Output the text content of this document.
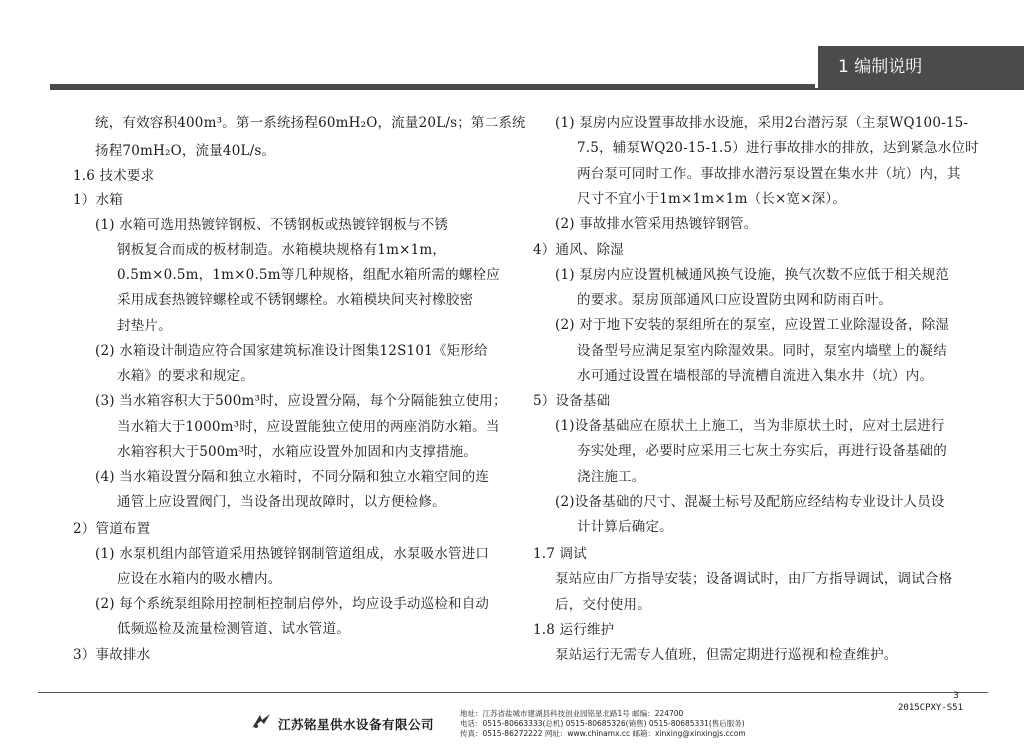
1 编制说明
统，有效容积400m³。第一系统扬程60mH₂O，流量20L/s；第二系统
扬程70mH₂O，流量40L/s。
1.6 技术要求
1）水箱
(1) 水箱可选用热镀锌钢板、不锈钢板或热镀锌钢板与不锈
钢板复合而成的板材制造。水箱模块规格有1m×1m，
0.5m×0.5m，1m×0.5m等几种规格，组配水箱所需的螺栓应
采用成套热镀锌螺栓或不锈钢螺栓。水箱模块间夹衬橡胶密
封垫片。
(2) 水箱设计制造应符合国家建筑标准设计图集12S101《矩形给
水箱》的要求和规定。
(3) 当水箱容积大于500m³时，应设置分隔，每个分隔能独立使用；
当水箱大于1000m³时，应设置能独立使用的两座消防水箱。当
水箱容积大于500m³时，水箱应设置外加固和内支撑措施。
(4) 当水箱设置分隔和独立水箱时，不同分隔和独立水箱空间的连
通管上应设置阀门，当设备出现故障时，以方便检修。
2）管道布置
(1) 水泵机组内部管道采用热镀锌钢制管道组成，水泵吸水管进口
应设在水箱内的吸水槽内。
(2) 每个系统泵组除用控制柜控制启停外，均应设手动巡检和自动
低频巡检及流量检测管道、试水管道。
3）事故排水
(1) 泵房内应设置事故排水设施，采用2台潜污泵（主泵WQ100-15-
7.5，辅泵WQ20-15-1.5）进行事故排水的排放，达到紧急水位时
两台泵可同时工作。事故排水潜污泵设置在集水井（坑）内，其
尺寸不宜小于1m×1m×1m（长×宽×深）。
(2) 事故排水管采用热镀锌钢管。
4）通风、除湿
(1) 泵房内应设置机械通风换气设施，换气次数不应低于相关规范
的要求。泵房顶部通风口应设置防虫网和防雨百叶。
(2) 对于地下安装的泵组所在的泵室，应设置工业除湿设备，除湿
设备型号应满足泵室内除湿效果。同时，泵室内墙壁上的凝结
水可通过设置在墙根部的导流槽自流进入集水井（坑）内。
5）设备基础
(1)设备基础应在原状土上施工，当为非原状土时，应对土层进行
夯实处理，必要时应采用三七灰土夯实后，再进行设备基础的
浇注施工。
(2)设备基础的尺寸、混凝土标号及配筋应经结构专业设计人员设
计计算后确定。
1.7 调试
泵站应由厂方指导安装；设备调试时，由厂方指导调试，调试合格
后，交付使用。
1.8 运行维护
泵站运行无需专人值班，但需定期进行巡视和检查维护。
江苏铭星供水设备有限公司
地址：江苏省盐城市建湖县科技创业园铭星北路1号 邮编：224700
电话：0515-80663333(总机) 0515-80685326(销售) 0515-80685331(售后服务)
传真：0515-86272222 网址：www.chinamx.cc 邮箱：xinxing@xinxingjs.ccom
3
2015CPXY-S51
